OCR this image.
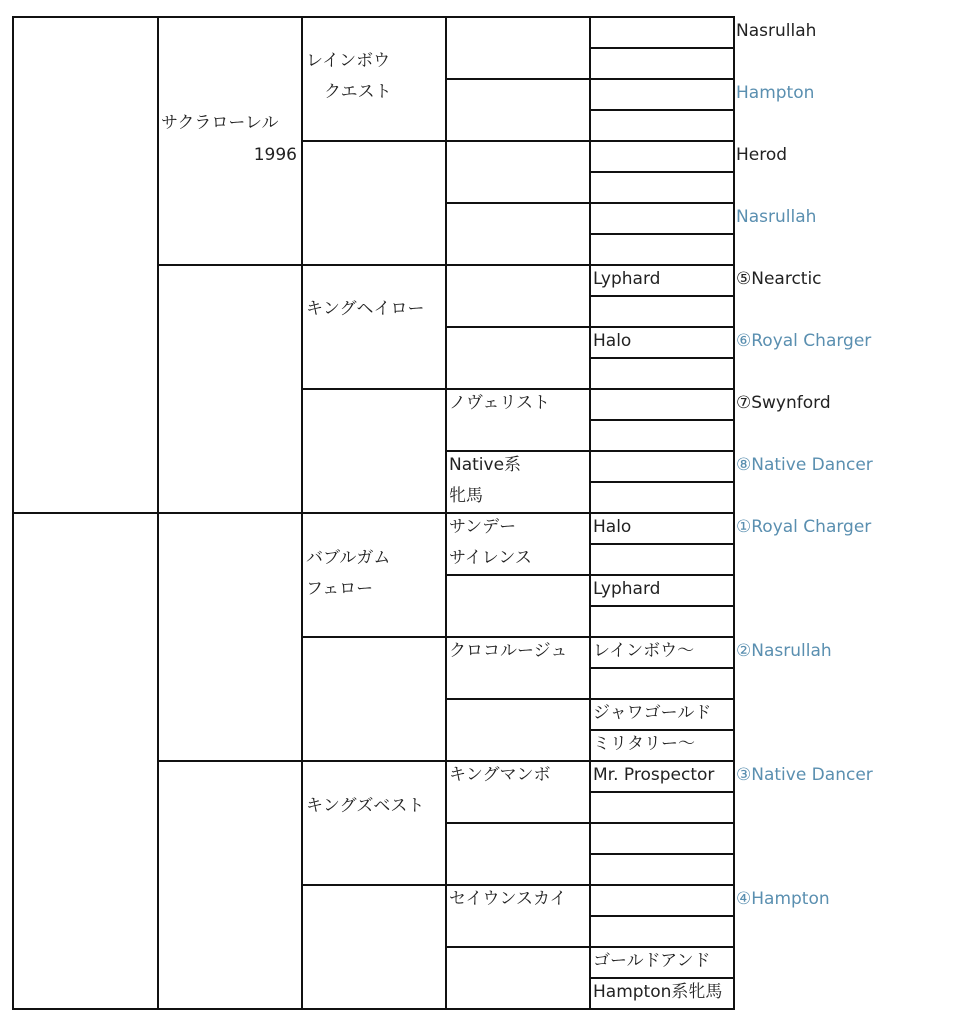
サクラローレル
1996
レインボウ
クエスト
キングヘイロー
バブルガム
フェロー
キングズベスト
ノヴェリスト
Native系
牝馬
サンデー
サイレンス
クロコルージュ
キングマンボ
セイウンスカイ
Lyphard
Halo
Halo
Lyphard
レインボウ〜
ジャワゴールド
ミリタリー〜
Mr. Prospector
ゴールドアンド
Hampton系牝馬
Nasrullah
Hampton
Herod
Nasrullah
⑤Nearctic
⑥Royal Charger
⑦Swynford
⑧Native Dancer
①Royal Charger
②Nasrullah
③Native Dancer
④Hampton
